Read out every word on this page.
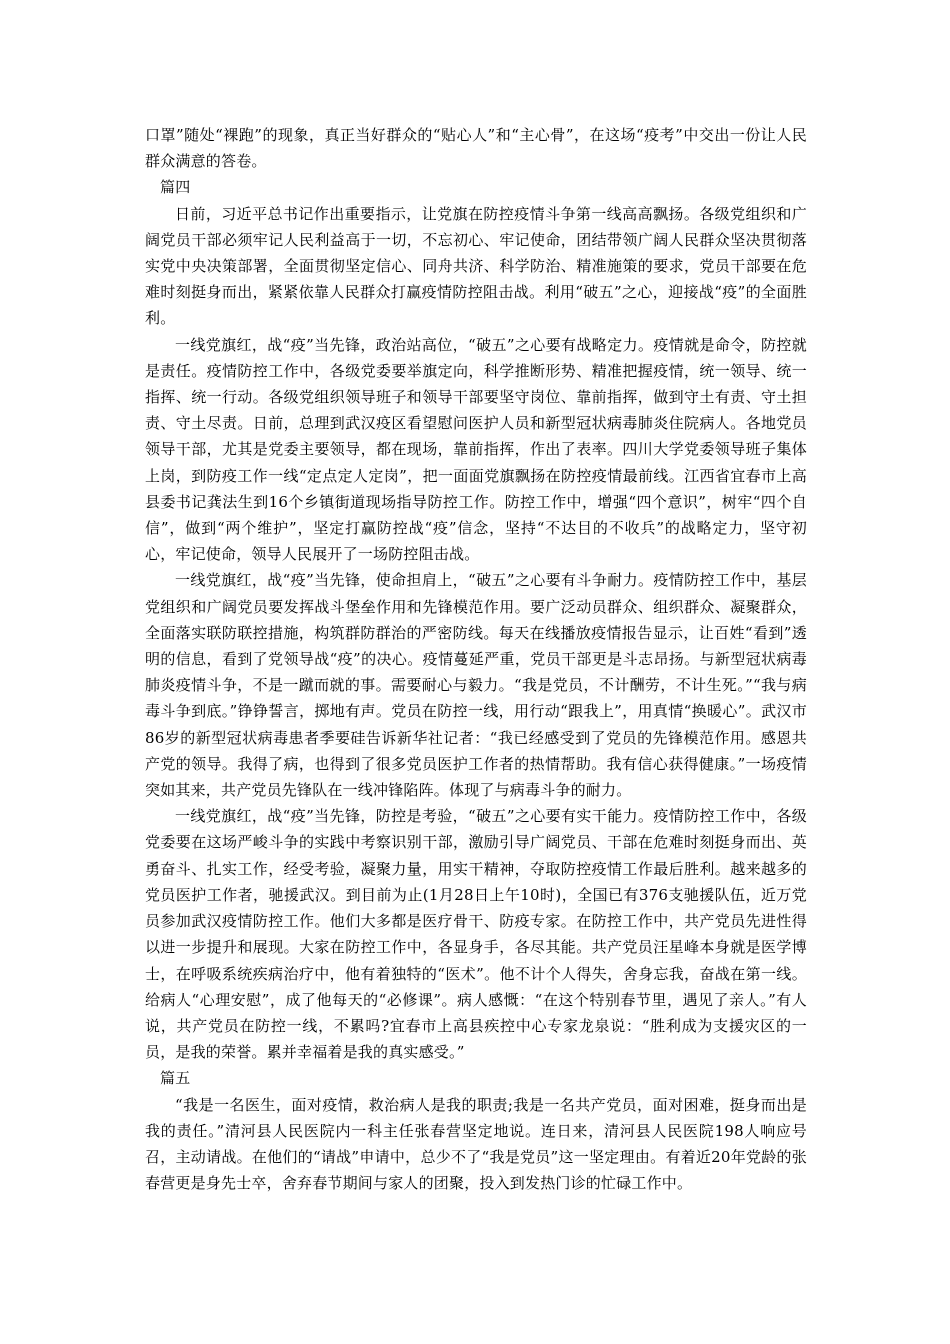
口罩”随处“裸跑”的现象，真正当好群众的“贴心人”和“主心骨”，在这场“疫考”中交出一份让人民群众满意的答卷。

篇四

日前，习近平总书记作出重要指示，让党旗在防控疫情斗争第一线高高飘扬。各级党组织和广阔党员干部必须牢记人民利益高于一切，不忘初心、牢记使命，团结带领广阔人民群众坚决贯彻落实党中央决策部署，全面贯彻坚定信心、同舟共济、科学防治、精准施策的要求，党员干部要在危难时刻挺身而出，紧紧依靠人民群众打赢疫情防控阻击战。利用“破五”之心，迎接战“疫”的全面胜利。

一线党旗红，战“疫”当先锋，政治站高位，“破五”之心要有战略定力。疫情就是命令，防控就是责任。疫情防控工作中，各级党委要举旗定向，科学推断形势、精准把握疫情，统一领导、统一指挥、统一行动。各级党组织领导班子和领导干部要坚守岗位、靠前指挥，做到守土有责、守土担责、守土尽责。日前，总理到武汉疫区看望慰问医护人员和新型冠状病毒肺炎住院病人。各地党员领导干部，尤其是党委主要领导，都在现场，靠前指挥，作出了表率。四川大学党委领导班子集体上岗，到防疫工作一线“定点定人定岗”，把一面面党旗飘扬在防控疫情最前线。江西省宜春市上高县委书记龚法生到16个乡镇街道现场指导防控工作。防控工作中，增强“四个意识”，树牢“四个自信”，做到“两个维护”，坚定打赢防控战“疫”信念，坚持“不达目的不收兵”的战略定力，坚守初心，牢记使命，领导人民展开了一场防控阻击战。

一线党旗红，战“疫”当先锋，使命担肩上，“破五”之心要有斗争耐力。疫情防控工作中，基层党组织和广阔党员要发挥战斗堡垒作用和先锋模范作用。要广泛动员群众、组织群众、凝聚群众，全面落实联防联控措施，构筑群防群治的严密防线。每天在线播放疫情报告显示，让百姓“看到”透明的信息，看到了党领导战“疫”的决心。疫情蔓延严重，党员干部更是斗志昂扬。与新型冠状病毒肺炎疫情斗争，不是一蹴而就的事。需要耐心与毅力。“我是党员，不计酬劳，不计生死。”“我与病毒斗争到底。”铮铮誓言，掷地有声。党员在防控一线，用行动“跟我上”，用真情“换暖心”。武汉市86岁的新型冠状病毒患者季要硅告诉新华社记者：“我已经感受到了党员的先锋模范作用。感恩共产党的领导。我得了病，也得到了很多党员医护工作者的热情帮助。我有信心获得健康。”一场疫情突如其来，共产党员先锋队在一线冲锋陷阵。体现了与病毒斗争的耐力。

一线党旗红，战“疫”当先锋，防控是考验，“破五”之心要有实干能力。疫情防控工作中，各级党委要在这场严峻斗争的实践中考察识别干部，激励引导广阔党员、干部在危难时刻挺身而出、英勇奋斗、扎实工作，经受考验，凝聚力量，用实干精神，夺取防控疫情工作最后胜利。越来越多的党员医护工作者，驰援武汉。到目前为止(1月28日上午10时)，全国已有376支驰援队伍，近万党员参加武汉疫情防控工作。他们大多都是医疗骨干、防疫专家。在防控工作中，共产党员先进性得以进一步提升和展现。大家在防控工作中，各显身手，各尽其能。共产党员汪星峰本身就是医学博士，在呼吸系统疾病治疗中，他有着独特的“医术”。他不计个人得失，舍身忘我，奋战在第一线。给病人“心理安慰”，成了他每天的“必修课”。病人感慨：“在这个特别春节里，遇见了亲人。”有人说，共产党员在防控一线，不累吗?宜春市上高县疾控中心专家龙泉说：“胜利成为支援灾区的一员，是我的荣誉。累并幸福着是我的真实感受。”

篇五

“我是一名医生，面对疫情，救治病人是我的职责;我是一名共产党员，面对困难，挺身而出是我的责任。”清河县人民医院内一科主任张春营坚定地说。连日来，清河县人民医院198人响应号召，主动请战。在他们的“请战”申请中，总少不了“我是党员”这一坚定理由。有着近20年党龄的张春营更是身先士卒，舍弃春节期间与家人的团聚，投入到发热门诊的忙碌工作中。
